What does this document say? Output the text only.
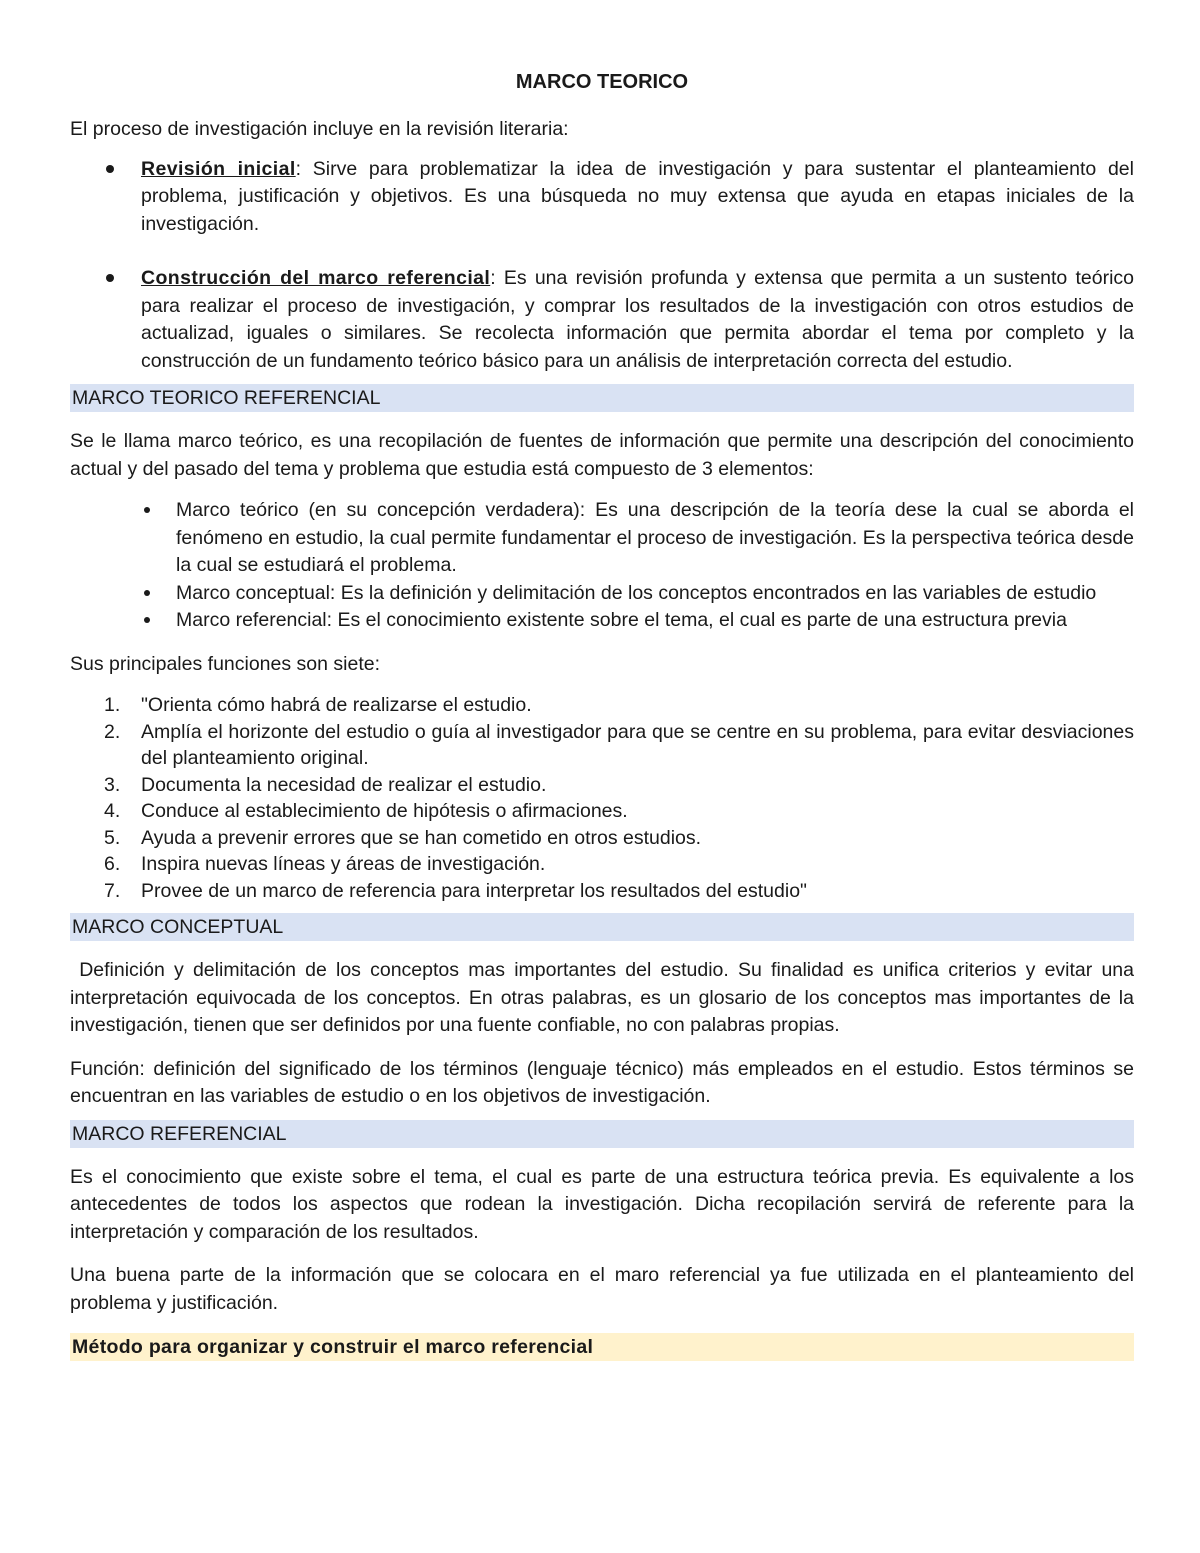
MARCO TEORICO

El proceso de investigación incluye en la revisión literaria:

Revisión inicial: Sirve para problematizar la idea de investigación y para sustentar el planteamiento del problema, justificación y objetivos. Es una búsqueda no muy extensa que ayuda en etapas iniciales de la investigación.
Construcción del marco referencial: Es una revisión profunda y extensa que permita a un sustento teórico para realizar el proceso de investigación, y comprar los resultados de la investigación con otros estudios de actualizad, iguales o similares. Se recolecta información que permita abordar el tema por completo y la construcción de un fundamento teórico básico para un análisis de interpretación correcta del estudio.
MARCO TEORICO REFERENCIAL

Se le llama marco teórico, es una recopilación de fuentes de información que permite una descripción del conocimiento actual y del pasado del tema y problema que estudia está compuesto de 3 elementos:

Marco teórico (en su concepción verdadera): Es una descripción de la teoría dese la cual se aborda el fenómeno en estudio, la cual permite fundamentar el proceso de investigación. Es la perspectiva teórica desde la cual se estudiará el problema.
Marco conceptual: Es la definición y delimitación de los conceptos encontrados en las variables de estudio
Marco referencial: Es el conocimiento existente sobre el tema, el cual es parte de una estructura previa

Sus principales funciones son siete:

1. "Orienta cómo habrá de realizarse el estudio.
2. Amplía el horizonte del estudio o guía al investigador para que se centre en su problema, para evitar desviaciones del planteamiento original.
3. Documenta la necesidad de realizar el estudio.
4. Conduce al establecimiento de hipótesis o afirmaciones.
5. Ayuda a prevenir errores que se han cometido en otros estudios.
6. Inspira nuevas líneas y áreas de investigación.
7. Provee de un marco de referencia para interpretar los resultados del estudio"
MARCO CONCEPTUAL

Definición y delimitación de los conceptos mas importantes del estudio. Su finalidad es unifica criterios y evitar una interpretación equivocada de los conceptos. En otras palabras, es un glosario de los conceptos mas importantes de la investigación, tienen que ser definidos por una fuente confiable, no con palabras propias.

Función: definición del significado de los términos (lenguaje técnico) más empleados en el estudio. Estos términos se encuentran en las variables de estudio o en los objetivos de investigación.

MARCO REFERENCIAL

Es el conocimiento que existe sobre el tema, el cual es parte de una estructura teórica previa. Es equivalente a los antecedentes de todos los aspectos que rodean la investigación. Dicha recopilación servirá de referente para la interpretación y comparación de los resultados.

Una buena parte de la información que se colocara en el maro referencial ya fue utilizada en el planteamiento del problema y justificación.

Método para organizar y construir el marco referencial
